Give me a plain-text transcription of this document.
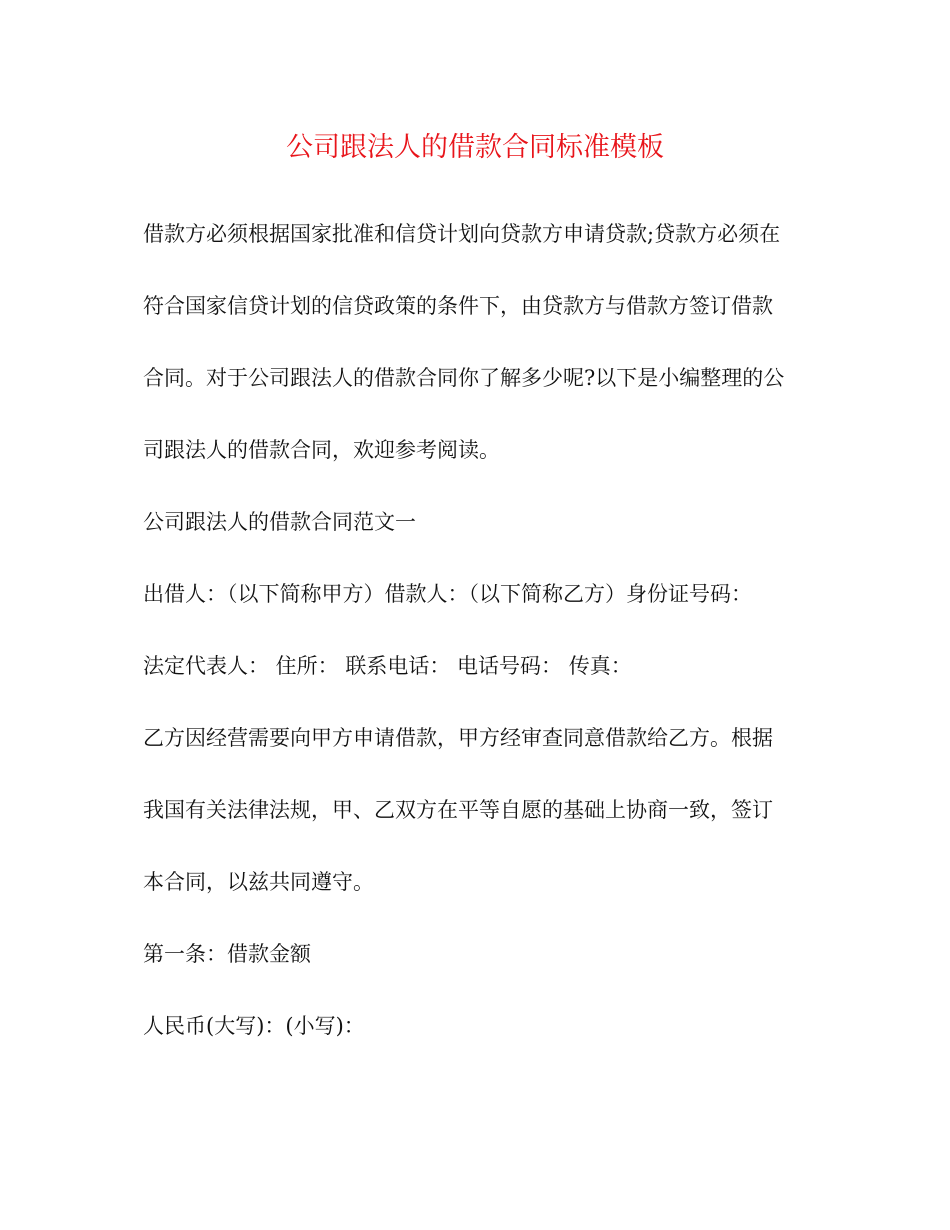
公司跟法人的借款合同标准模板
借款方必须根据国家批准和信贷计划向贷款方申请贷款;贷款方必须在
符合国家信贷计划的信贷政策的条件下，由贷款方与借款方签订借款
合同。对于公司跟法人的借款合同你了解多少呢?以下是小编整理的公
司跟法人的借款合同，欢迎参考阅读。
公司跟法人的借款合同范文一
出借人：（以下简称甲方）借款人：（以下简称乙方）身份证号码：
法定代表人： 住所： 联系电话： 电话号码： 传真：
乙方因经营需要向甲方申请借款，甲方经审查同意借款给乙方。根据
我国有关法律法规，甲、乙双方在平等自愿的基础上协商一致，签订
本合同，以兹共同遵守。
第一条：借款金额
人民币(大写)：(小写)：
